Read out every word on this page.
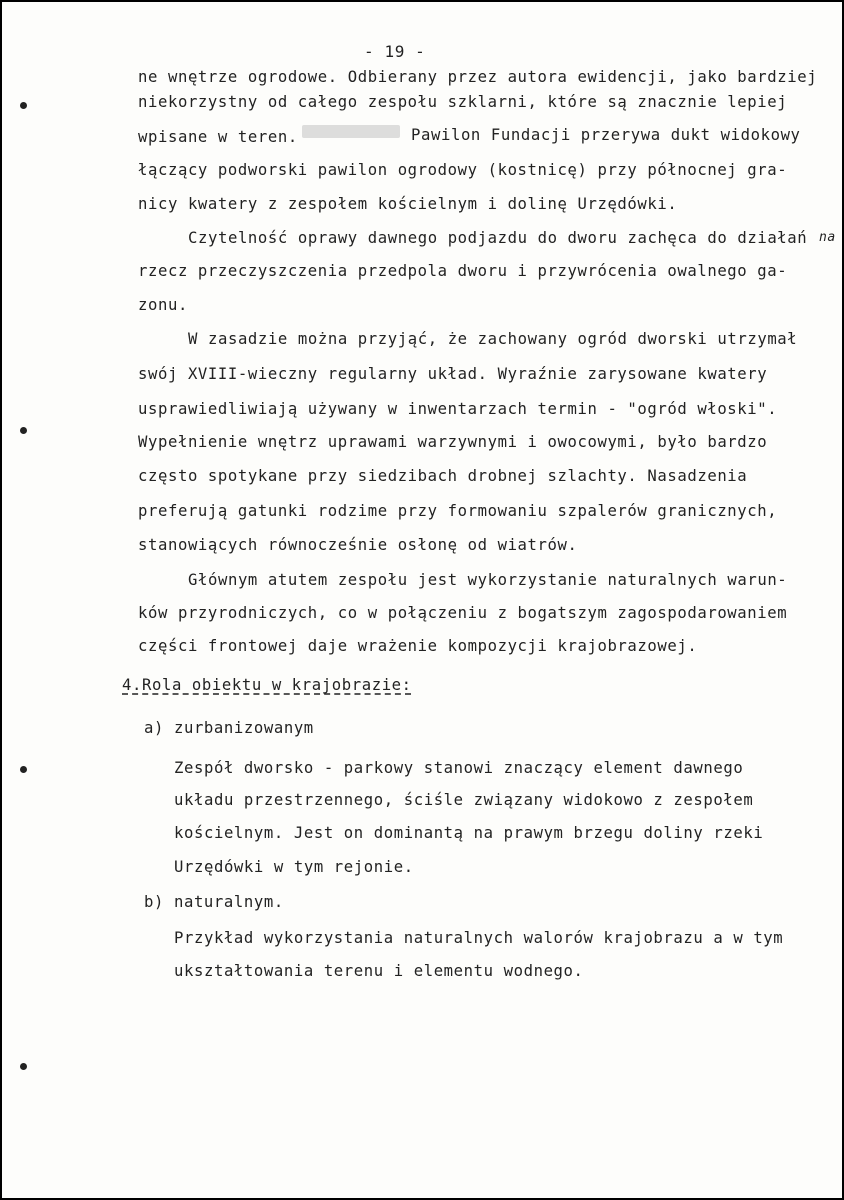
- 19 -
ne wnętrze ogrodowe. Odbierany przez autora ewidencji, jako bardziej
niekorzystny od całego zespołu szklarni, które są znacznie lepiej
wpisane w teren.	Pawilon Fundacji przerywa dukt widokowy
łączący podworski pawilon ogrodowy (kostnicę) przy północnej gra-
nicy kwatery z zespołem kościelnym i dolinę Urzędówki.
Czytelność oprawy dawnego podjazdu do dworu zachęca do działań na
rzecz przeczyszczenia przedpola dworu i przywrócenia owalnego ga-
zonu.
W zasadzie można przyjąć, że zachowany ogród dworski utrzymał
swój XVIII-wieczny regularny układ. Wyraźnie zarysowane kwatery
usprawiedliwiają używany w inwentarzach termin - "ogród włoski".
Wypełnienie wnętrz uprawami warzywnymi i owocowymi, było bardzo
często spotykane przy siedzibach drobnej szlachty. Nasadzenia
preferują gatunki rodzime przy formowaniu szpalerów granicznych,
stanowiących równocześnie osłonę od wiatrów.
Głównym atutem zespołu jest wykorzystanie naturalnych warun-
ków przyrodniczych, co w połączeniu z bogatszym zagospodarowaniem
części frontowej daje wrażenie kompozycji krajobrazowej.
4.Rola obiektu w krajobrazie:
a) zurbanizowanym
Zespół dworsko - parkowy stanowi znaczący element dawnego
układu przestrzennego, ściśle związany widokowo z zespołem
kościelnym. Jest on dominantą na prawym brzegu doliny rzeki
Urzędówki w tym rejonie.
b) naturalnym.
Przykład wykorzystania naturalnych walorów krajobrazu a w tym
ukształtowania terenu i elementu wodnego.
